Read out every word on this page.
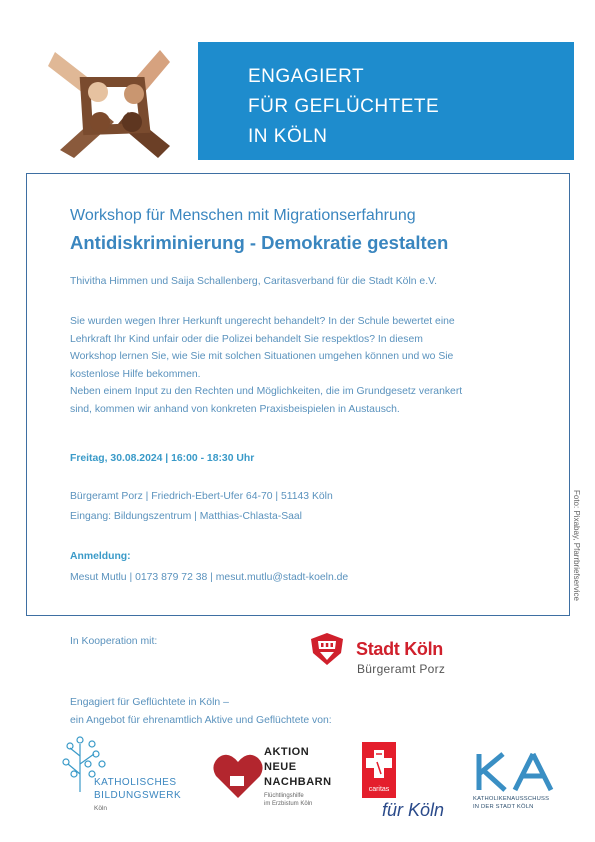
ENGAGIERT
FÜR GEFLÜCHTETE
IN KÖLN
Workshop für Menschen mit Migrationserfahrung
Antidiskriminierung - Demokratie gestalten
Thivitha Himmen und Saija Schallenberg, Caritasverband für die Stadt Köln e.V.
Sie wurden wegen Ihrer Herkunft ungerecht behandelt? In der Schule bewertet eine
Lehrkraft Ihr Kind unfair oder die Polizei behandelt Sie respektlos? In diesem
Workshop lernen Sie, wie Sie mit solchen Situationen umgehen können und wo Sie
kostenlose Hilfe bekommen.
Neben einem Input zu den Rechten und Möglichkeiten, die im Grundgesetz verankert
sind, kommen wir anhand von konkreten Praxisbeispielen in Austausch.
Freitag, 30.08.2024 | 16:00 - 18:30 Uhr
Bürgeramt Porz | Friedrich-Ebert-Ufer 64-70 | 51143 Köln
Eingang: Bildungszentrum | Matthias-Chlasta-Saal
Anmeldung:
Mesut Mutlu | 0173 879 72 38 | mesut.mutlu@stadt-koeln.de	Foto: Pixabay, Pfarrbriefservice
In Kooperation mit:	Stadt Köln
Bürgeramt Porz
Engagiert für Geflüchtete in Köln –
ein Angebot für ehrenamtlich Aktive und Geflüchtete von:
KATHOLISCHES
BILDUNGSWERK
Köln
AKTION
NEUE
NACHBARN
Flüchtlingshilfe
im Erzbistum Köln
caritas
für Köln
KATHOLIKENAUSSCHUSS
IN DER STADT KÖLN
